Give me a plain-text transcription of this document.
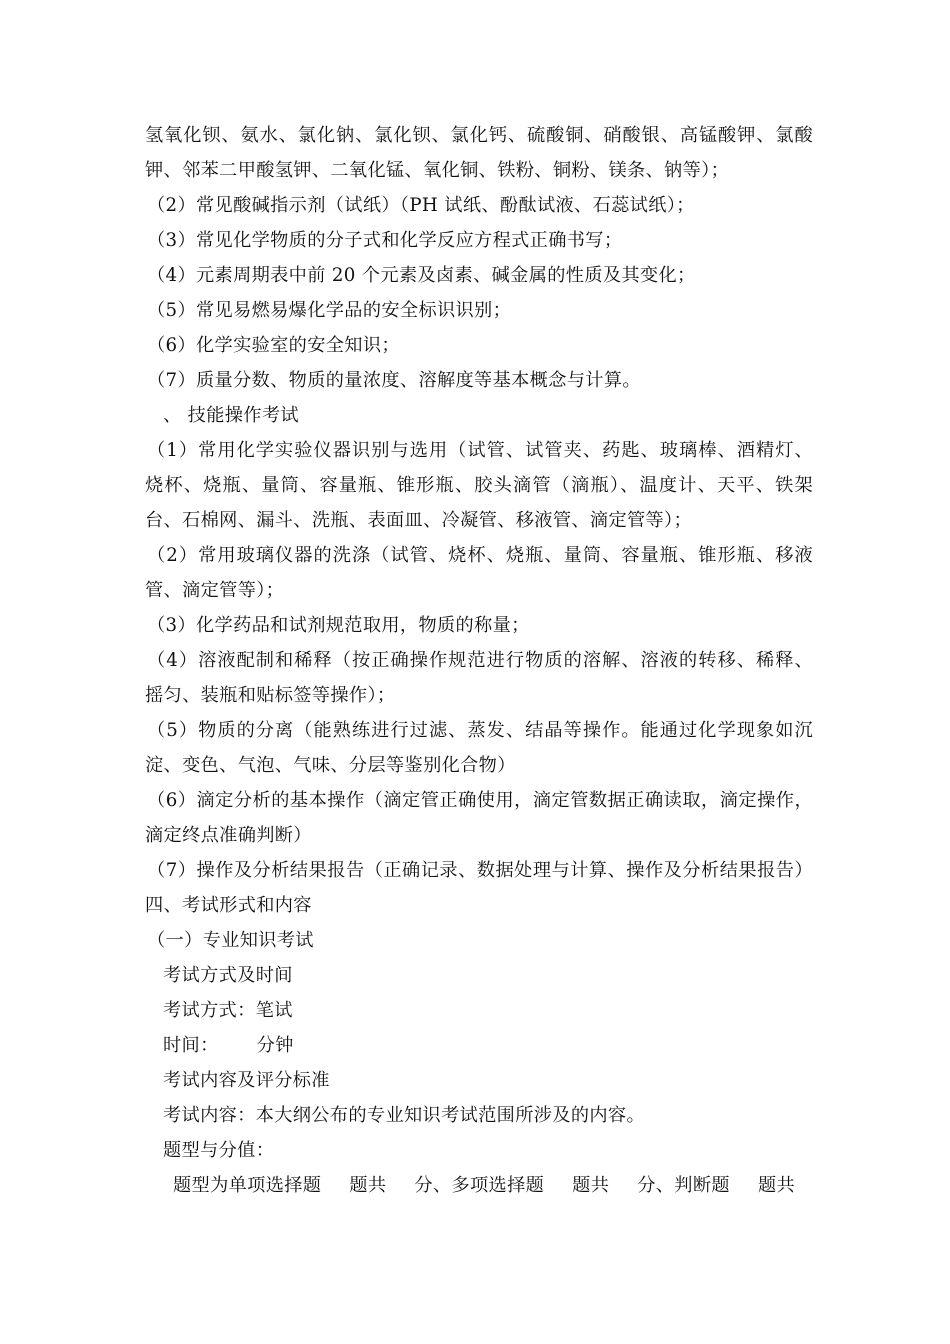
氢氧化钡、氨水、氯化钠、氯化钡、氯化钙、硫酸铜、硝酸银、高锰酸钾、氯酸
钾、邻苯二甲酸氢钾、二氧化锰、氧化铜、铁粉、铜粉、镁条、钠等）；
（2）常见酸碱指示剂（试纸）（PH 试纸、酚酞试液、石蕊试纸）；
（3）常见化学物质的分子式和化学反应方程式正确书写；
（4）元素周期表中前 20 个元素及卤素、碱金属的性质及其变化；
（5）常见易燃易爆化学品的安全标识识别；
（6）化学实验室的安全知识；
（7）质量分数、物质的量浓度、溶解度等基本概念与计算。
、 技能操作考试
（1）常用化学实验仪器识别与选用（试管、试管夹、药匙、玻璃棒、酒精灯、
烧杯、烧瓶、量筒、容量瓶、锥形瓶、胶头滴管（滴瓶）、温度计、天平、铁架
台、石棉网、漏斗、洗瓶、表面皿、冷凝管、移液管、滴定管等）；
（2）常用玻璃仪器的洗涤（试管、烧杯、烧瓶、量筒、容量瓶、锥形瓶、移液
管、滴定管等）；
（3）化学药品和试剂规范取用，物质的称量；
（4）溶液配制和稀释（按正确操作规范进行物质的溶解、溶液的转移、稀释、
摇匀、装瓶和贴标签等操作）；
（5）物质的分离（能熟练进行过滤、蒸发、结晶等操作。能通过化学现象如沉
淀、变色、气泡、气味、分层等鉴别化合物）
（6）滴定分析的基本操作（滴定管正确使用，滴定管数据正确读取，滴定操作，
滴定终点准确判断）
（7）操作及分析结果报告（正确记录、数据处理与计算、操作及分析结果报告）
四、考试形式和内容
（一）专业知识考试
考试方式及时间
考试方式：笔试
时间： 分钟
考试内容及评分标准
考试内容：本大纲公布的专业知识考试范围所涉及的内容。
题型与分值：
题型为单项选择题 题共 分、多项选择题 题共 分、判断题 题共
